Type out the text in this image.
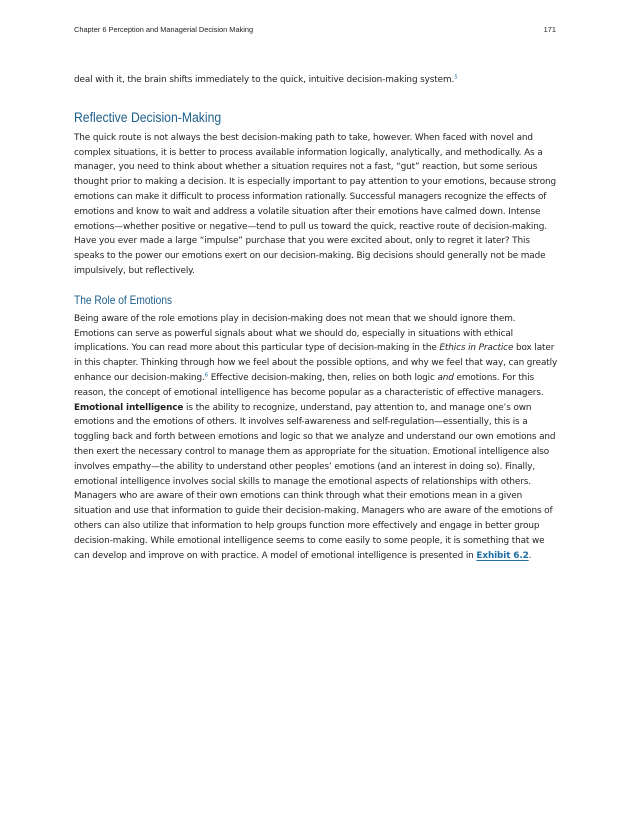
Chapter 6 Perception and Managerial Decision Making	171

deal with it, the brain shifts immediately to the quick, intuitive decision-making system.$^5$

Reflective Decision-Making

The quick route is not always the best decision-making path to take, however. When faced with novel and complex situations, it is better to process available information logically, analytically, and methodically. As a manager, you need to think about whether a situation requires not a fast, “gut” reaction, but some serious thought prior to making a decision. It is especially important to pay attention to your emotions, because strong emotions can make it difficult to process information rationally. Successful managers recognize the effects of emotions and know to wait and address a volatile situation after their emotions have calmed down. Intense emotions—whether positive or negative—tend to pull us toward the quick, reactive route of decision-making. Have you ever made a large “impulse” purchase that you were excited about, only to regret it later? This speaks to the power our emotions exert on our decision-making. Big decisions should generally not be made impulsively, but reflectively.

The Role of Emotions

Being aware of the role emotions play in decision-making does not mean that we should ignore them. Emotions can serve as powerful signals about what we should do, especially in situations with ethical implications. You can read more about this particular type of decision-making in the Ethics in Practice box later in this chapter. Thinking through how we feel about the possible options, and why we feel that way, can greatly enhance our decision-making.$^6$ Effective decision-making, then, relies on both logic and emotions. For this reason, the concept of emotional intelligence has become popular as a characteristic of effective managers. Emotional intelligence is the ability to recognize, understand, pay attention to, and manage one’s own emotions and the emotions of others. It involves self-awareness and self-regulation—essentially, this is a toggling back and forth between emotions and logic so that we analyze and understand our own emotions and then exert the necessary control to manage them as appropriate for the situation. Emotional intelligence also involves empathy—the ability to understand other peoples’ emotions (and an interest in doing so). Finally, emotional intelligence involves social skills to manage the emotional aspects of relationships with others. Managers who are aware of their own emotions can think through what their emotions mean in a given situation and use that information to guide their decision-making. Managers who are aware of the emotions of others can also utilize that information to help groups function more effectively and engage in better group decision-making. While emotional intelligence seems to come easily to some people, it is something that we can develop and improve on with practice. A model of emotional intelligence is presented in Exhibit 6.2.
